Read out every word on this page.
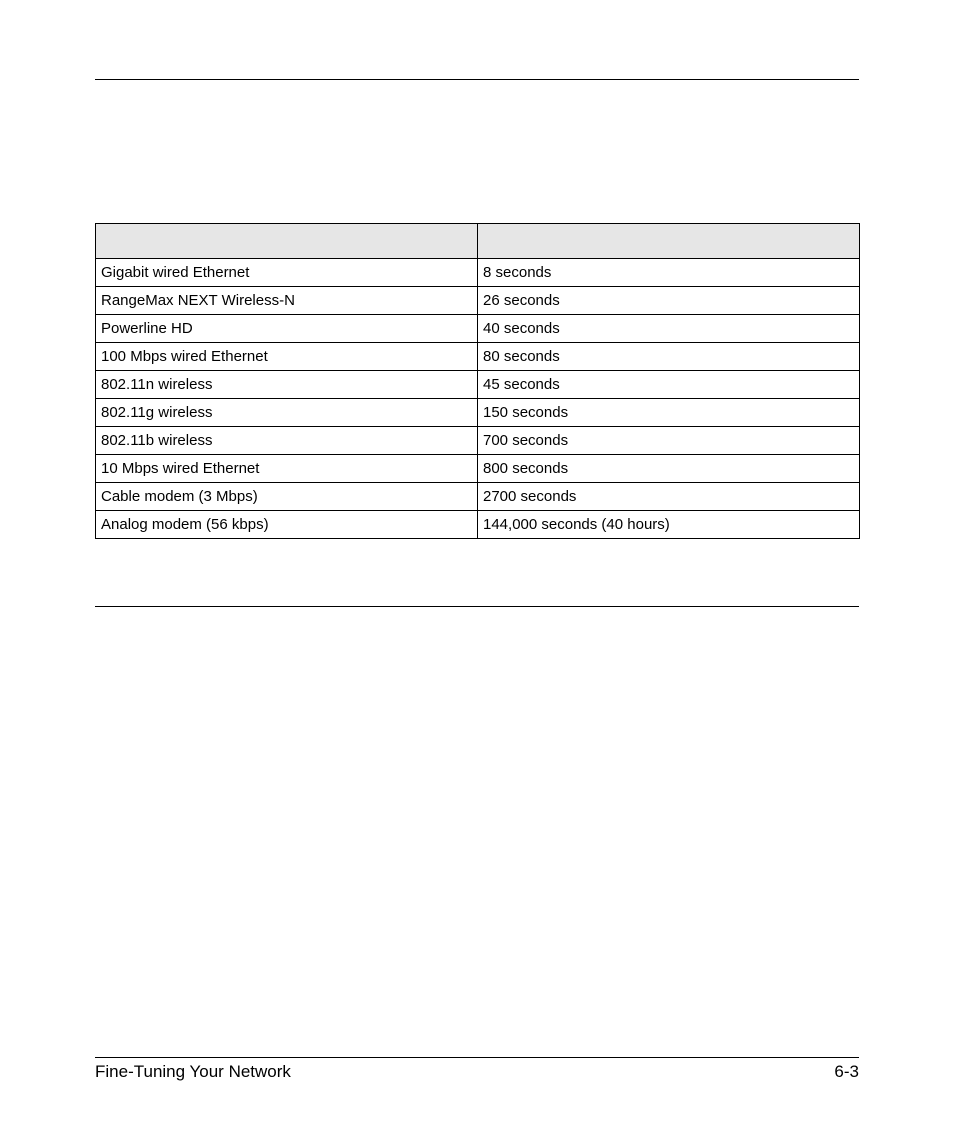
Gigabit wired Ethernet	8 seconds
RangeMax NEXT Wireless-N	26 seconds
Powerline HD	40 seconds
100 Mbps wired Ethernet	80 seconds
802.11n wireless	45 seconds
802.11g wireless	150 seconds
802.11b wireless	700 seconds
10 Mbps wired Ethernet	800 seconds
Cable modem (3 Mbps)	2700 seconds
Analog modem (56 kbps)	144,000 seconds (40 hours)
Fine-Tuning Your Network	6-3
